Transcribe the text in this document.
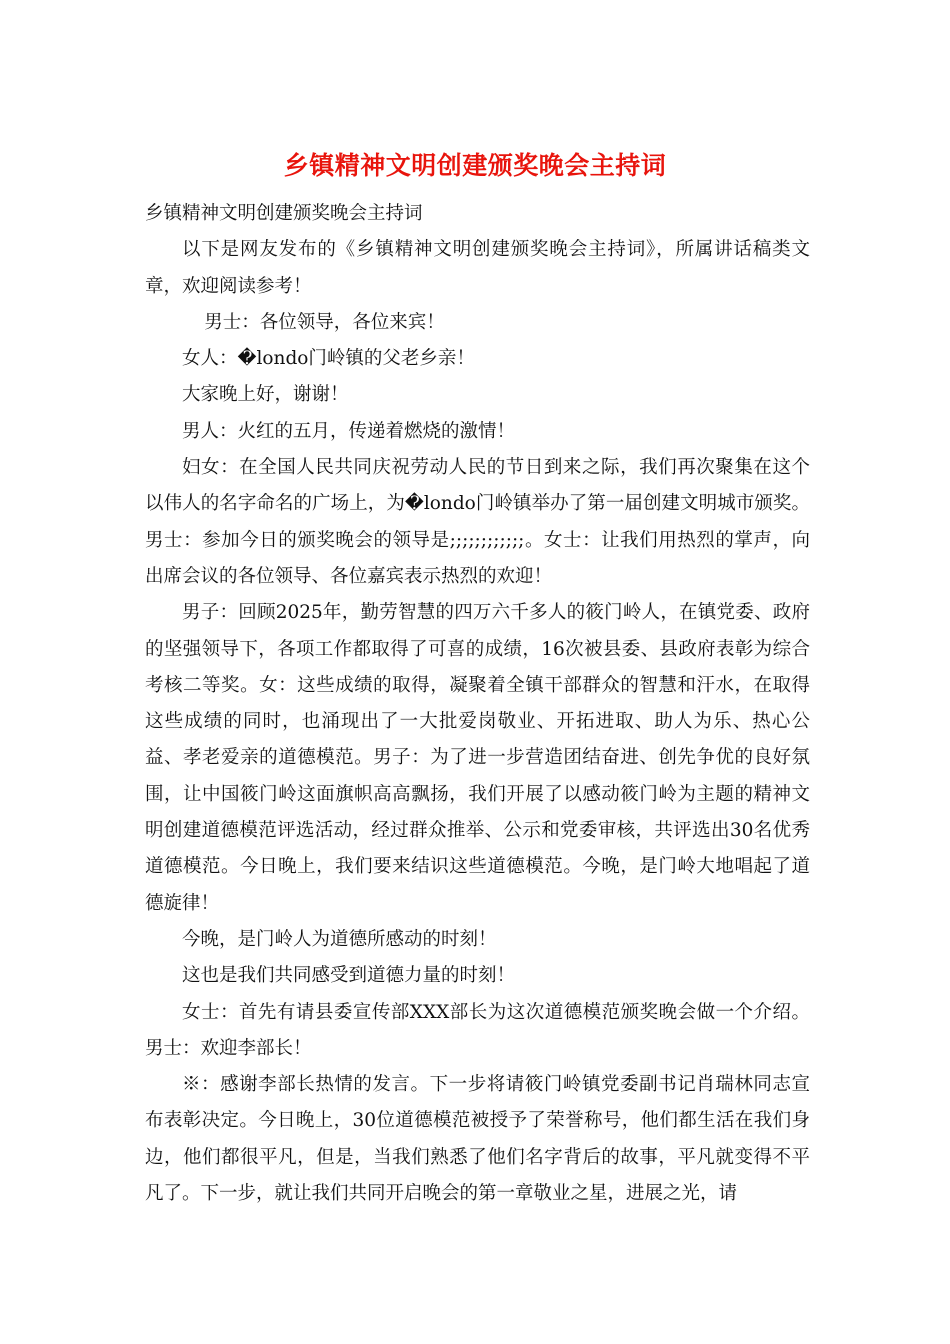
乡镇精神文明创建颁奖晚会主持词

乡镇精神文明创建颁奖晚会主持词

以下是网友发布的《乡镇精神文明创建颁奖晚会主持词》，所属讲话稿类文章，欢迎阅读参考！

男士：各位领导，各位来宾！

女人：�londo门岭镇的父老乡亲！

大家晚上好，谢谢！

男人：火红的五月，传递着燃烧的激情！

妇女：在全国人民共同庆祝劳动人民的节日到来之际，我们再次聚集在这个以伟人的名字命名的广场上，为�londo门岭镇举办了第一届创建文明城市颁奖。男士：参加今日的颁奖晚会的领导是;;;;;;;;;;;;。女士：让我们用热烈的掌声，向出席会议的各位领导、各位嘉宾表示热烈的欢迎！

男子：回顾2025年，勤劳智慧的四万六千多人的筱门岭人，在镇党委、政府的坚强领导下，各项工作都取得了可喜的成绩，16次被县委、县政府表彰为综合考核二等奖。女：这些成绩的取得，凝聚着全镇干部群众的智慧和汗水，在取得这些成绩的同时，也涌现出了一大批爱岗敬业、开拓进取、助人为乐、热心公益、孝老爱亲的道德模范。男子：为了进一步营造团结奋进、创先争优的良好氛围，让中国筱门岭这面旗帜高高飘扬，我们开展了以感动筱门岭为主题的精神文明创建道德模范评选活动，经过群众推举、公示和党委审核，共评选出30名优秀道德模范。今日晚上，我们要来结识这些道德模范。今晚，是门岭大地唱起了道德旋律！

今晚，是门岭人为道德所感动的时刻！

这也是我们共同感受到道德力量的时刻！

女士：首先有请县委宣传部XXX部长为这次道德模范颁奖晚会做一个介绍。男士：欢迎李部长！

※：感谢李部长热情的发言。下一步将请筱门岭镇党委副书记肖瑞林同志宣布表彰决定。今日晚上，30位道德模范被授予了荣誉称号，他们都生活在我们身边，他们都很平凡，但是，当我们熟悉了他们名字背后的故事，平凡就变得不平凡了。下一步，就让我们共同开启晚会的第一章敬业之星，进展之光，请
